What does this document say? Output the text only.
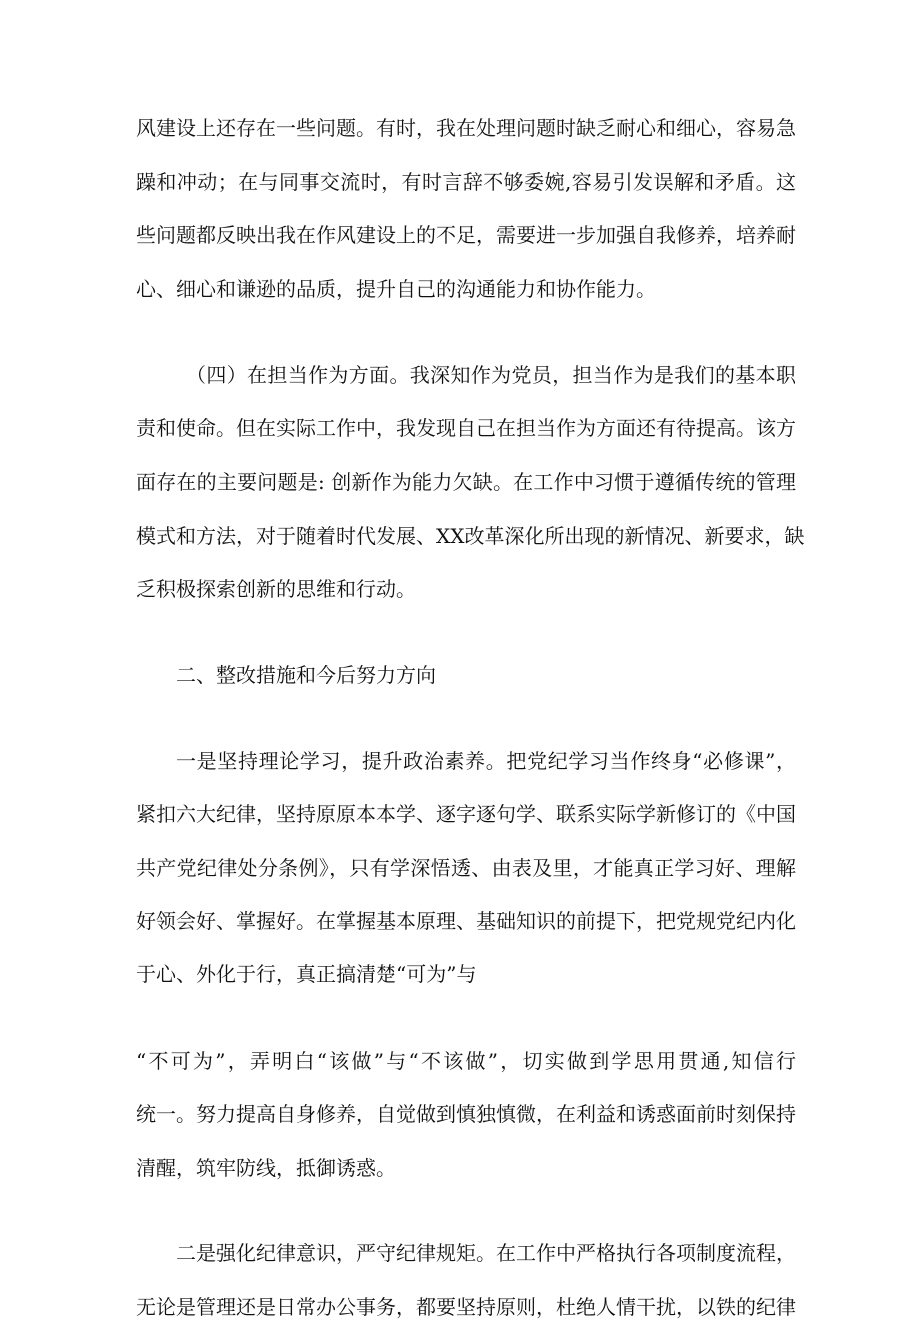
风建设上还存在一些问题。有时，我在处理问题时缺乏耐心和细心，容易急
躁和冲动；在与同事交流时，有时言辞不够委婉,容易引发误解和矛盾。这
些问题都反映出我在作风建设上的不足，需要进一步加强自我修养，培养耐
心、细心和谦逊的品质，提升自己的沟通能力和协作能力。
（四）在担当作为方面。我深知作为党员，担当作为是我们的基本职
责和使命。但在实际工作中，我发现自己在担当作为方面还有待提高。该方
面存在的主要问题是: 创新作为能力欠缺。在工作中习惯于遵循传统的管理
模式和方法，对于随着时代发展、XX改革深化所出现的新情况、新要求，缺
乏积极探索创新的思维和行动。
二、整改措施和今后努力方向
一是坚持理论学习，提升政治素养。把党纪学习当作终身“必修课”，
紧扣六大纪律，坚持原原本本学、逐字逐句学、联系实际学新修订的《中国
共产党纪律处分条例》，只有学深悟透、由表及里，才能真正学习好、理解
好领会好、掌握好。在掌握基本原理、基础知识的前提下，把党规党纪内化
于心、外化于行，真正搞清楚“可为”与
“不可为”，弄明白“该做”与“不该做”，切实做到学思用贯通,知信行
统一。努力提高自身修养，自觉做到慎独慎微，在利益和诱惑面前时刻保持
清醒，筑牢防线，抵御诱惑。
二是强化纪律意识，严守纪律规矩。在工作中严格执行各项制度流程，
无论是管理还是日常办公事务，都要坚持原则，杜绝人情干扰，以铁的纪律
